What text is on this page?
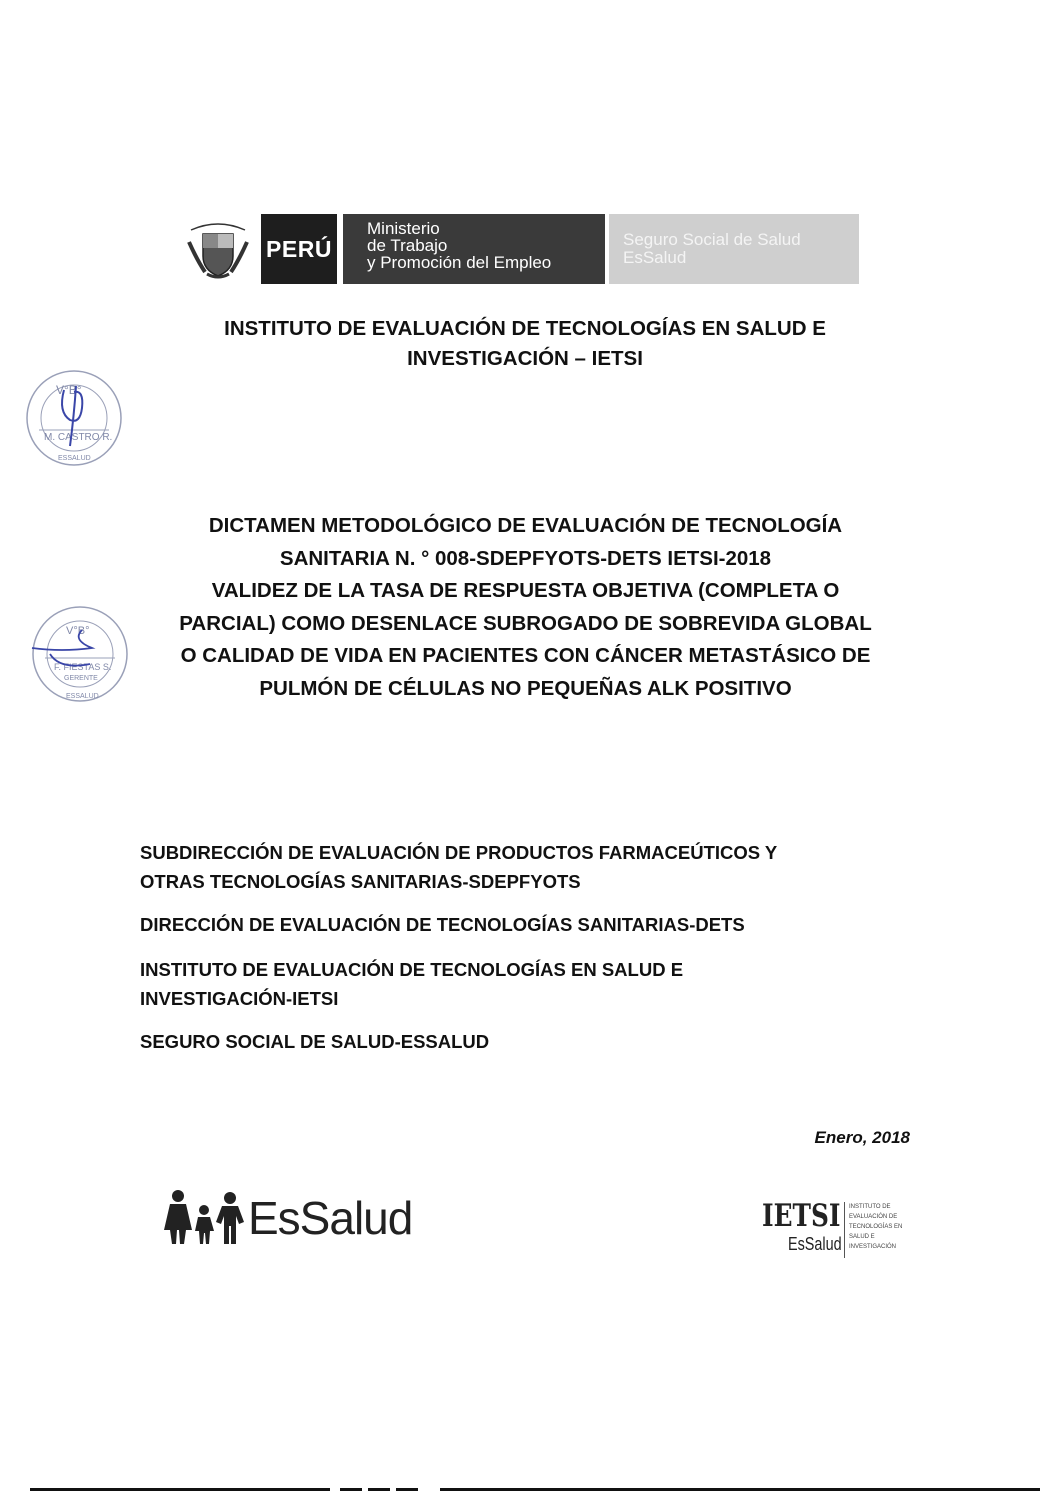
PERÚ
Ministerio
de Trabajo
y Promoción del Empleo
Seguro Social de Salud
EsSalud
INSTITUTO DE EVALUACIÓN DE TECNOLOGÍAS EN SALUD E
INVESTIGACIÓN – IETSI
V°B°
M. CASTRO R.
ESSALUD
V°B°
F. FIESTAS S.
GERENTE
ESSALUD
DICTAMEN METODOLÓGICO DE EVALUACIÓN DE TECNOLOGÍA
SANITARIA N. ° 008-SDEPFYOTS-DETS IETSI-2018
VALIDEZ DE LA TASA DE RESPUESTA OBJETIVA (COMPLETA O
PARCIAL) COMO DESENLACE SUBROGADO DE SOBREVIDA GLOBAL
O CALIDAD DE VIDA EN PACIENTES CON CÁNCER METASTÁSICO DE
PULMÓN DE CÉLULAS NO PEQUEÑAS ALK POSITIVO
SUBDIRECCIÓN DE EVALUACIÓN DE PRODUCTOS FARMACEÚTICOS Y
OTRAS TECNOLOGÍAS SANITARIAS-SDEPFYOTS
DIRECCIÓN DE EVALUACIÓN DE TECNOLOGÍAS SANITARIAS-DETS
INSTITUTO DE EVALUACIÓN DE TECNOLOGÍAS EN SALUD E
INVESTIGACIÓN-IETSI
SEGURO SOCIAL DE SALUD-ESSALUD
Enero, 2018
EsSalud	IETSI
EsSalud
INSTITUTO DE
EVALUACIÓN DE
TECNOLOGÍAS EN
SALUD E
INVESTIGACIÓN
